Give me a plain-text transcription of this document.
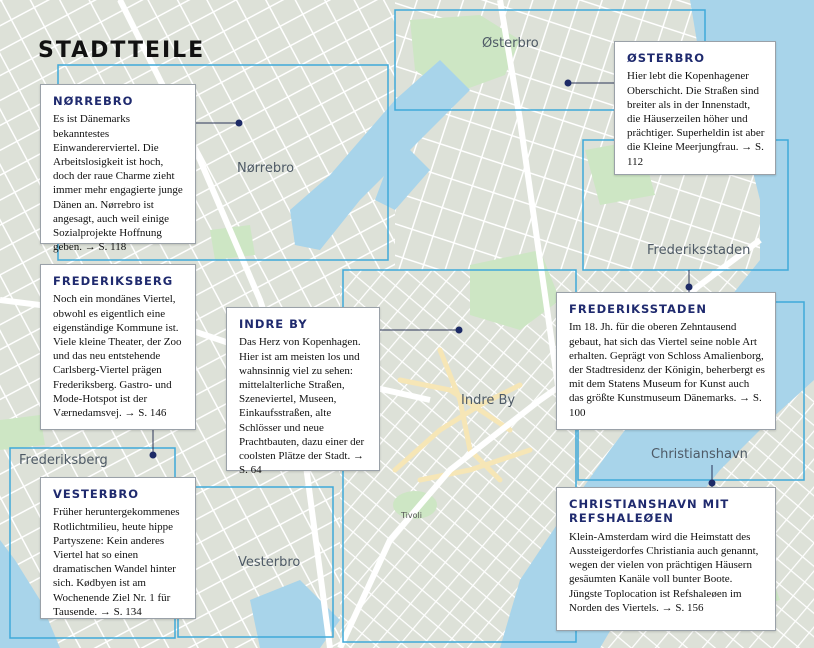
Østerbro
Nørrebro
Frederiksstaden
Indre By
Frederiksberg	Christianshavn
Vesterbro
Tivoli
STADTTEILE
NØRREBRO

Es ist Dänemarks bekanntestes Einwandererviertel. Die Arbeitslosigkeit ist hoch, doch der raue Charme zieht immer mehr engagierte junge Dänen an. Nørrebro ist angesagt, auch weil einige Sozialprojekte Hoffnung geben. → S. 118

ØSTERBRO

Hier lebt die Kopenhagener Oberschicht. Die Straßen sind breiter als in der Innenstadt, die Häuserzeilen höher und prächtiger. Superheldin ist aber die Kleine Meerjungfrau. → S. 112

FREDERIKSBERG

Noch ein mondänes Viertel, obwohl es eigentlich eine eigenständige Kommune ist. Viele kleine Theater, der Zoo und das neu entstehende Carlsberg-Viertel prägen Frederiksberg. Gastro- und Mode-Hotspot ist der Værnedamsvej. → S. 146

INDRE BY

Das Herz von Kopenhagen. Hier ist am meisten los und wahnsinnig viel zu sehen: mittelalterliche Straßen, Szeneviertel, Museen, Einkaufsstraßen, alte Schlösser und neue Prachtbauten, dazu einer der coolsten Plätze der Stadt. → S. 64

FREDERIKSSTADEN

Im 18. Jh. für die oberen Zehntausend gebaut, hat sich das Viertel seine noble Art erhalten. Geprägt von Schloss Amalienborg, der Stadtresidenz der Königin, beherbergt es mit dem Statens Museum for Kunst auch das größte Kunstmuseum Dänemarks. → S. 100

VESTERBRO

Früher heruntergekommenes Rotlichtmilieu, heute hippe Partyszene: Kein anderes Viertel hat so einen dramatischen Wandel hinter sich. Kødbyen ist am Wochenende Ziel Nr. 1 für Tausende. → S. 134

CHRISTIANSHAVN MIT REFSHALEØEN

Klein-Amsterdam wird die Heimstatt des Aussteigerdorfes Christiania auch genannt, wegen der vielen von prächtigen Häusern gesäumten Kanäle voll bunter Boote. Jüngste Toplocation ist Refshaleøen im Norden des Viertels. → S. 156
